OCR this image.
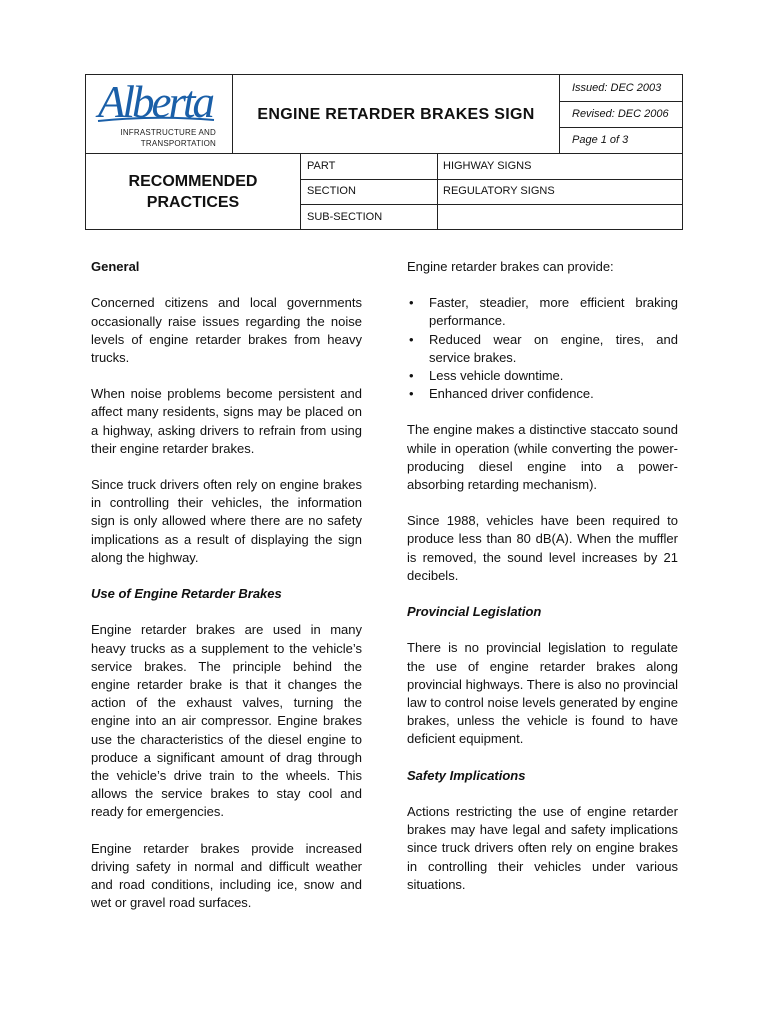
Alberta
INFRASTRUCTURE AND
TRANSPORTATION
ENGINE RETARDER BRAKES SIGN
Issued: DEC 2003
Revised: DEC 2006
Page 1 of 3
RECOMMENDED
PRACTICES
PART	HIGHWAY SIGNS
SECTION	REGULATORY SIGNS
SUB-SECTION
General

Concerned citizens and local governments occasionally raise issues regarding the noise levels of engine retarder brakes from heavy trucks.

When noise problems become persistent and affect many residents, signs may be placed on a highway, asking drivers to refrain from using their engine retarder brakes.

Since truck drivers often rely on engine brakes in controlling their vehicles, the information sign is only allowed where there are no safety implications as a result of displaying the sign along the highway.

Use of Engine Retarder Brakes

Engine retarder brakes are used in many heavy trucks as a supplement to the vehicle’s service brakes. The principle behind the engine retarder brake is that it changes the action of the exhaust valves, turning the engine into an air compressor. Engine brakes use the characteristics of the diesel engine to produce a significant amount of drag through the vehicle’s drive train to the wheels. This allows the service brakes to stay cool and ready for emergencies.

Engine retarder brakes provide increased driving safety in normal and difficult weather and road conditions, including ice, snow and wet or gravel road surfaces.

Engine retarder brakes can provide:

• Faster, steadier, more efficient braking performance.
• Reduced wear on engine, tires, and service brakes.
• Less vehicle downtime.
• Enhanced driver confidence.

The engine makes a distinctive staccato sound while in operation (while converting the power-producing diesel engine into a power-absorbing retarding mechanism).

Since 1988, vehicles have been required to produce less than 80 dB(A). When the muffler is removed, the sound level increases by 21 decibels.

Provincial Legislation

There is no provincial legislation to regulate the use of engine retarder brakes along provincial highways. There is also no provincial law to control noise levels generated by engine brakes, unless the vehicle is found to have deficient equipment.

Safety Implications

Actions restricting the use of engine retarder brakes may have legal and safety implications since truck drivers often rely on engine brakes in controlling their vehicles under various situations.
